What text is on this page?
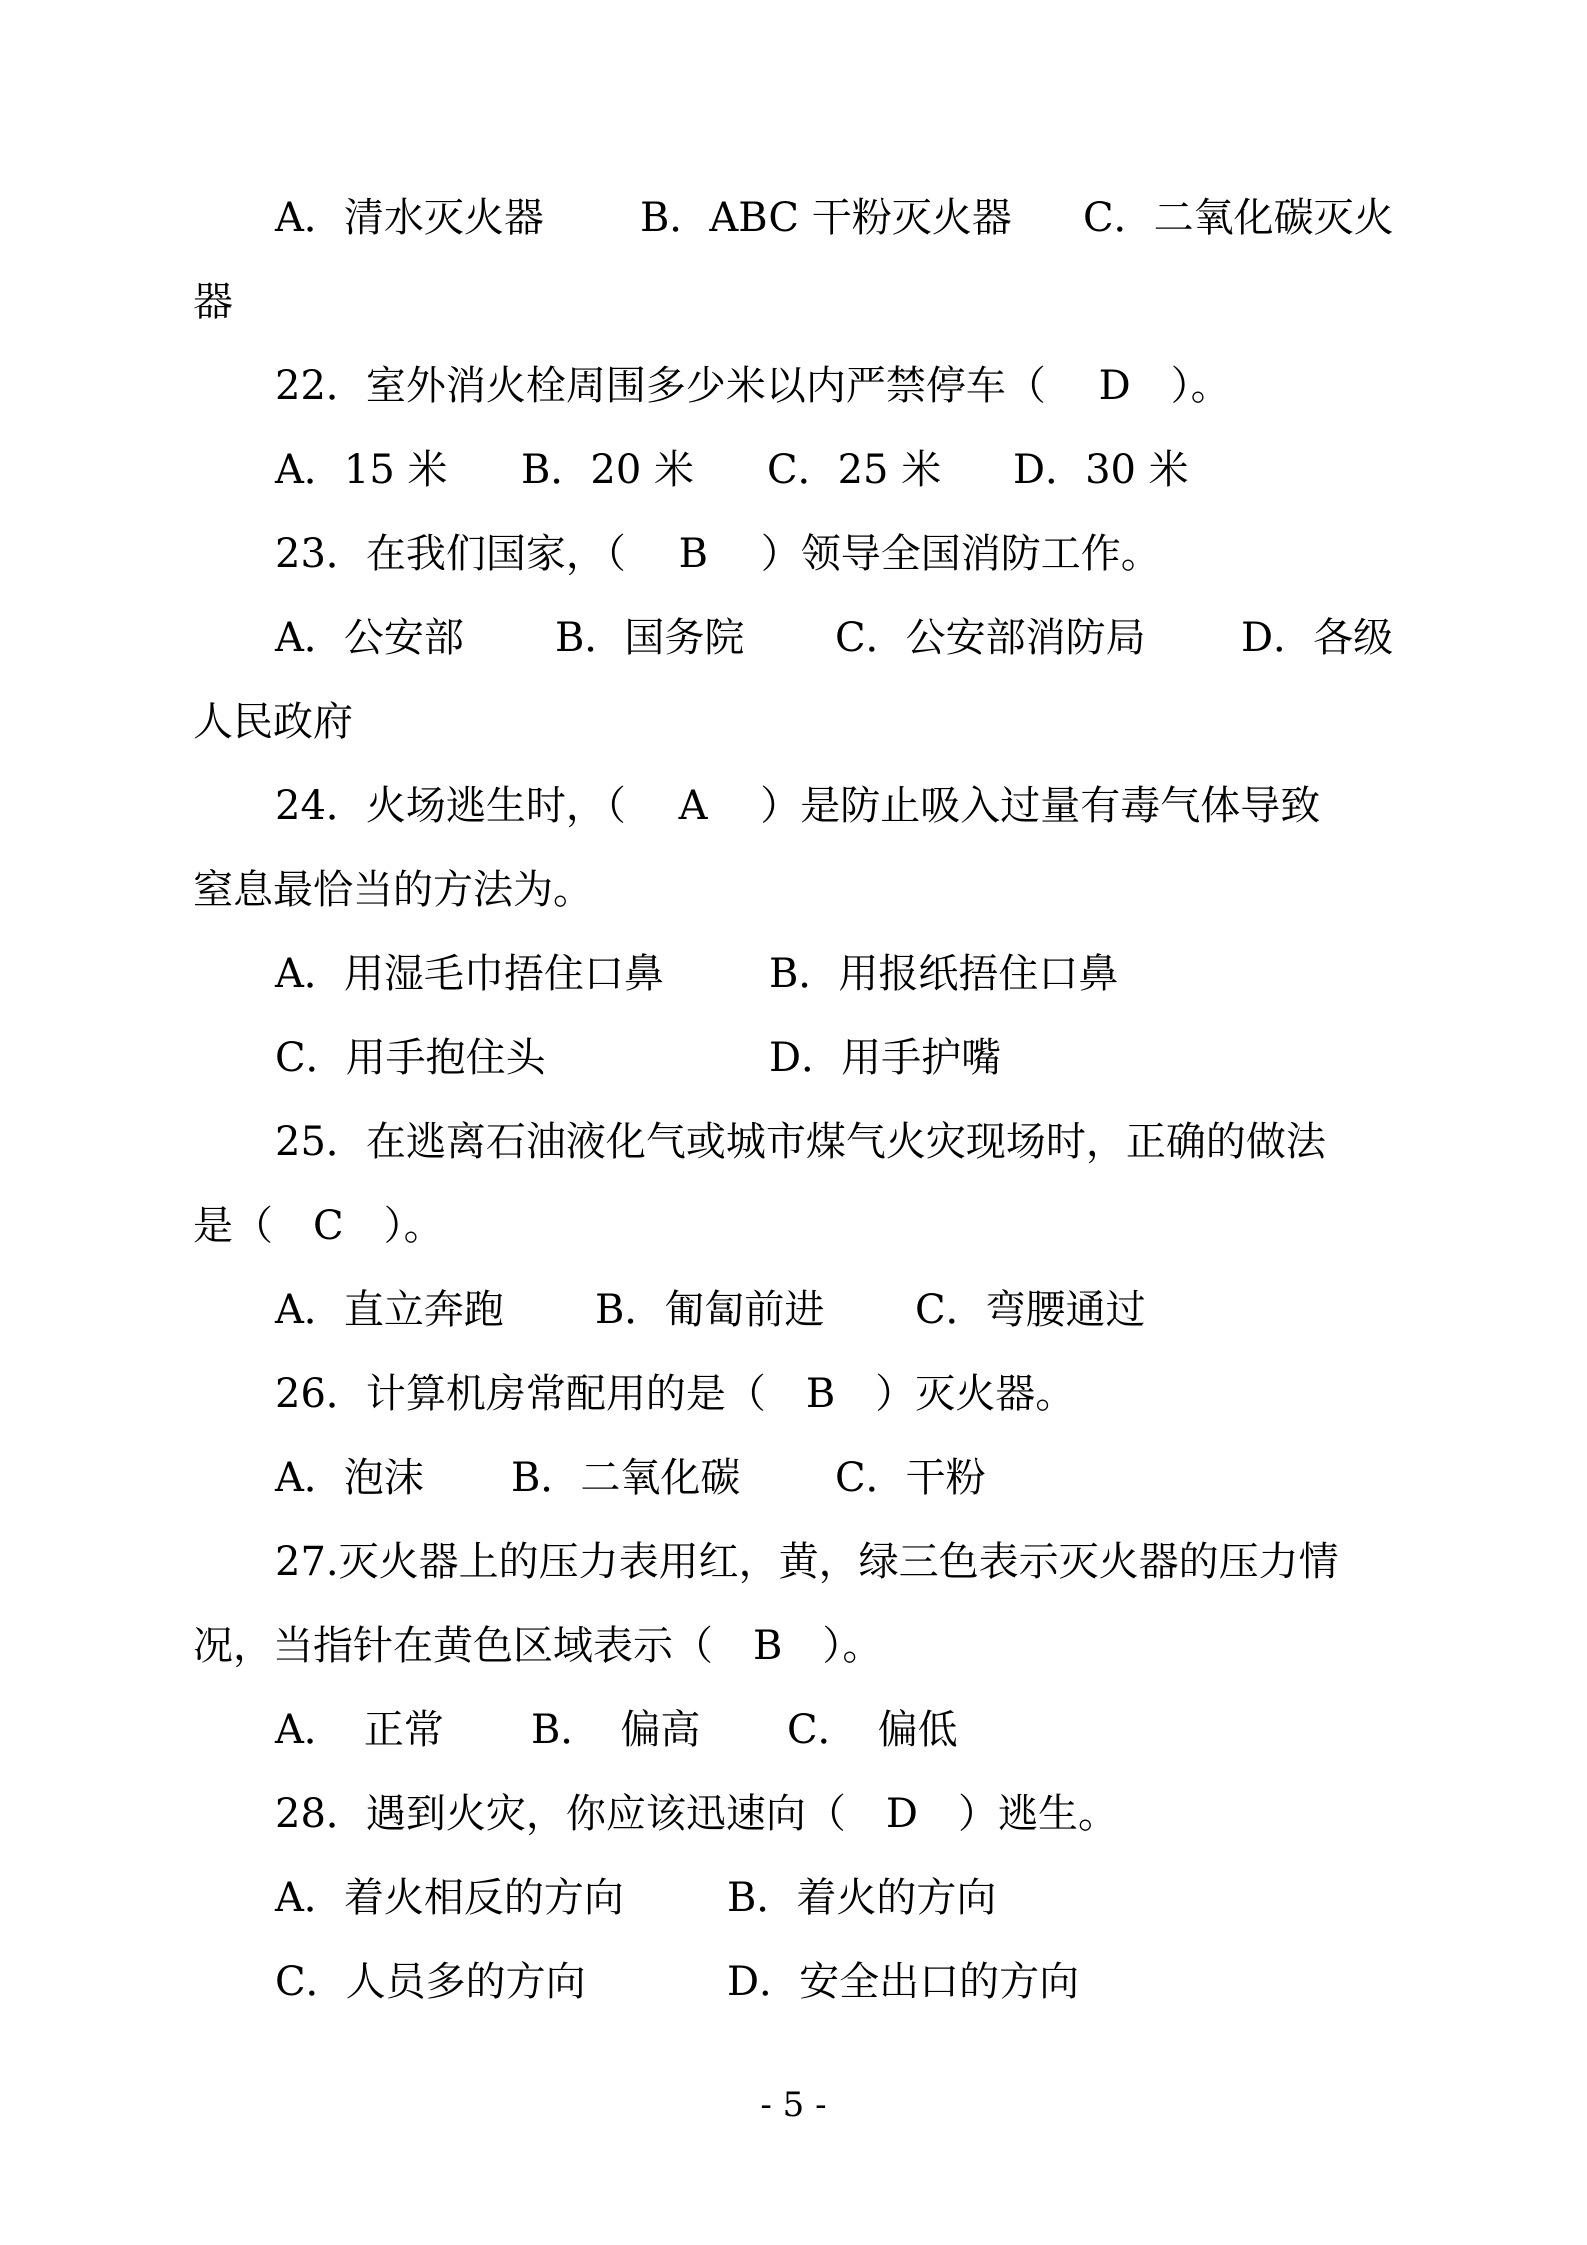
A．清水灭火器

B．ABC 干粉灭火器

C．二氧化碳灭火

器
22．室外消火栓周围多少米以内严禁停车（　 D　）。

A．15 米

B．20 米

C．25 米

D．30 米

23．在我们国家，（　 B　 ）领导全国消防工作。

A．公安部

B．国务院

C．公安部消防局

D．各级

人民政府
24．火场逃生时，（　 A　 ）是防止吸入过量有毒气体导致
窒息最恰当的方法为。

A．用湿毛巾捂住口鼻

	B．用报纸捂住口鼻

C．用手抱住头

	D．用手护嘴

25．在逃离石油液化气或城市煤气火灾现场时，正确的做法
是（　C　）。

A．直立奔跑

B．匍匐前进

C．弯腰通过

26．计算机房常配用的是（　B　）灭火器。

A．泡沫

B．二氧化碳

C．干粉

27.灭火器上的压力表用红，黄，绿三色表示灭火器的压力情
况，当指针在黄色区域表示（　B　）。

A．　正常

B．　偏高

C．　偏低

28．遇到火灾，你应该迅速向（　D　）逃生。

A．着火相反的方向

	B．着火的方向

C．人员多的方向

	D．安全出口的方向

- 5 -
